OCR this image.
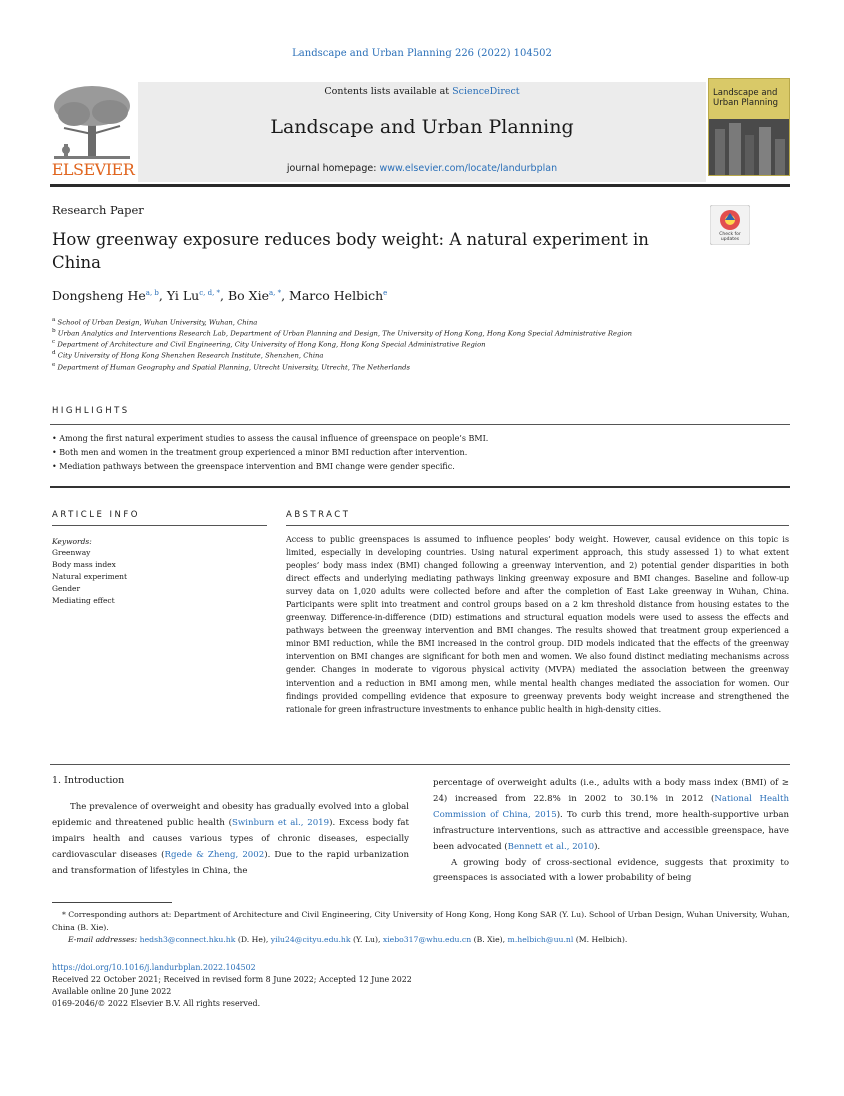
Landscape and Urban Planning 226 (2022) 104502
Contents lists available at ScienceDirect
Landscape and Urban Planning
journal homepage: www.elsevier.com/locate/landurbplan
ELSEVIER
Landscape and Urban Planning
Research Paper
How greenway exposure reduces body weight: A natural experiment in China
Check for updates
Dongsheng He$^{a, b}$, Yi $Lu^{c, d, *}$, Bo Xie$^{a, *}$, Marco Helbich$^e$
$^a$ School of Urban Design, Wuhan University, Wuhan, China
$^b$ Urban Analytics and Interventions Research Lab, Department of Urban Planning and Design, The University of Hong Kong, Hong Kong Special Administrative Region
$^c$ Department of Architecture and Civil Engineering, City University of Hong Kong, Hong Kong Special Administrative Region
$^d$ City University of Hong Kong Shenzhen Research Institute, Shenzhen, China
$^e$ Department of Human Geography and Spatial Planning, Utrecht University, Utrecht, The Netherlands
HIGHLIGHTS
• Among the first natural experiment studies to assess the causal influence of greenspace on people’s BMI.
• Both men and women in the treatment group experienced a minor BMI reduction after intervention.
• Mediation pathways between the greenspace intervention and BMI change were gender specific.
ARTICLE INFO
Keywords:
Greenway
Body mass index
Natural experiment
Gender
Mediating effect
ABSTRACT
Access to public greenspaces is assumed to influence peoples’ body weight. However, causal evidence on this topic is limited, especially in developing countries. Using natural experiment approach, this study assessed 1) to what extent peoples’ body mass index (BMI) changed following a greenway intervention, and 2) potential gender disparities in both direct effects and underlying mediating pathways linking greenway exposure and BMI changes. Baseline and follow-up survey data on 1,020 adults were collected before and after the completion of East Lake greenway in Wuhan, China. Participants were split into treatment and control groups based on a 2 km threshold distance from housing estates to the greenway. Difference-in-difference (DID) estimations and structural equation models were used to assess the effects and pathways between the greenway intervention and BMI changes. The results showed that treatment group experienced a minor BMI reduction, while the BMI increased in the control group. DID models indicated that the effects of the greenway intervention on BMI changes are significant for both men and women. We also found distinct mediating mechanisms across gender. Changes in moderate to vigorous physical activity (MVPA) mediated the association between the greenway intervention and a reduction in BMI among men, while mental health changes mediated the association for women. Our findings provided compelling evidence that exposure to greenway prevents body weight increase and strengthened the rationale for green infrastructure investments to enhance public health in high-density cities.
1. Introduction
The prevalence of overweight and obesity has gradually evolved into a global epidemic and threatened public health (Swinburn et al., 2019). Excess body fat impairs health and causes various types of chronic diseases, especially cardiovascular diseases (Rgede & Zheng, 2002). Due to the rapid urbanization and transformation of lifestyles in China, the
percentage of overweight adults (i.e., adults with a body mass index (BMI) of ≥ 24) increased from 22.8% in 2002 to 30.1% in 2012 (National Health Commission of China, 2015). To curb this trend, more health-supportive urban infrastructure interventions, such as attractive and accessible greenspace, have been advocated (Bennett et al., 2010).
A growing body of cross-sectional evidence, suggests that proximity to greenspaces is associated with a lower probability of being
* Corresponding authors at: Department of Architecture and Civil Engineering, City University of Hong Kong, Hong Kong SAR (Y. Lu). School of Urban Design, Wuhan University, Wuhan, China (B. Xie).
E-mail addresses: hedsh3@connect.hku.hk (D. He), yilu24@cityu.edu.hk (Y. Lu), xiebo317@whu.edu.cn (B. Xie), m.helbich@uu.nl (M. Helbich).
https://doi.org/10.1016/j.landurbplan.2022.104502
Received 22 October 2021; Received in revised form 8 June 2022; Accepted 12 June 2022
Available online 20 June 2022
0169-2046/© 2022 Elsevier B.V. All rights reserved.
